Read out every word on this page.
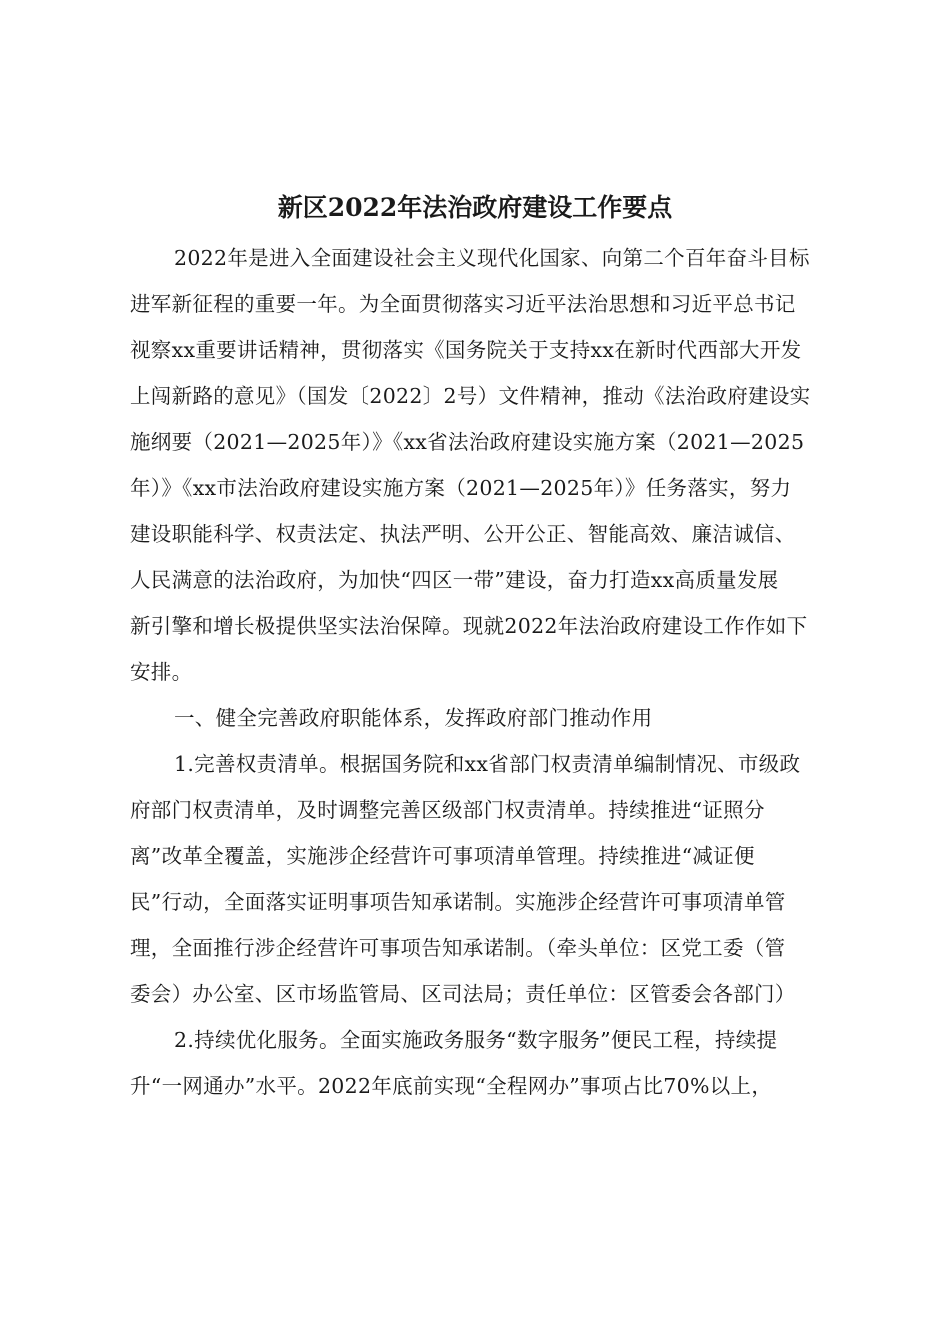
新区2022年法治政府建设工作要点
2022年是进入全面建设社会主义现代化国家、向第二个百年奋斗目标
进军新征程的重要一年。为全面贯彻落实习近平法治思想和习近平总书记
视察xx重要讲话精神，贯彻落实《国务院关于支持xx在新时代西部大开发
上闯新路的意见》（国发〔2022〕2号）文件精神，推动《法治政府建设实
施纲要（2021—2025年）》《xx省法治政府建设实施方案（2021—2025
年）》《xx市法治政府建设实施方案（2021—2025年）》任务落实，努力
建设职能科学、权责法定、执法严明、公开公正、智能高效、廉洁诚信、
人民满意的法治政府，为加快“四区一带”建设，奋力打造xx高质量发展
新引擎和增长极提供坚实法治保障。现就2022年法治政府建设工作作如下
安排。
一、健全完善政府职能体系，发挥政府部门推动作用
1.完善权责清单。根据国务院和xx省部门权责清单编制情况、市级政
府部门权责清单，及时调整完善区级部门权责清单。持续推进“证照分
离”改革全覆盖，实施涉企经营许可事项清单管理。持续推进“减证便
民”行动，全面落实证明事项告知承诺制。实施涉企经营许可事项清单管
理，全面推行涉企经营许可事项告知承诺制。（牵头单位：区党工委（管
委会）办公室、区市场监管局、区司法局；责任单位：区管委会各部门）
2.持续优化服务。全面实施政务服务“数字服务”便民工程，持续提
升“一网通办”水平。2022年底前实现“全程网办”事项占比70%以上，
